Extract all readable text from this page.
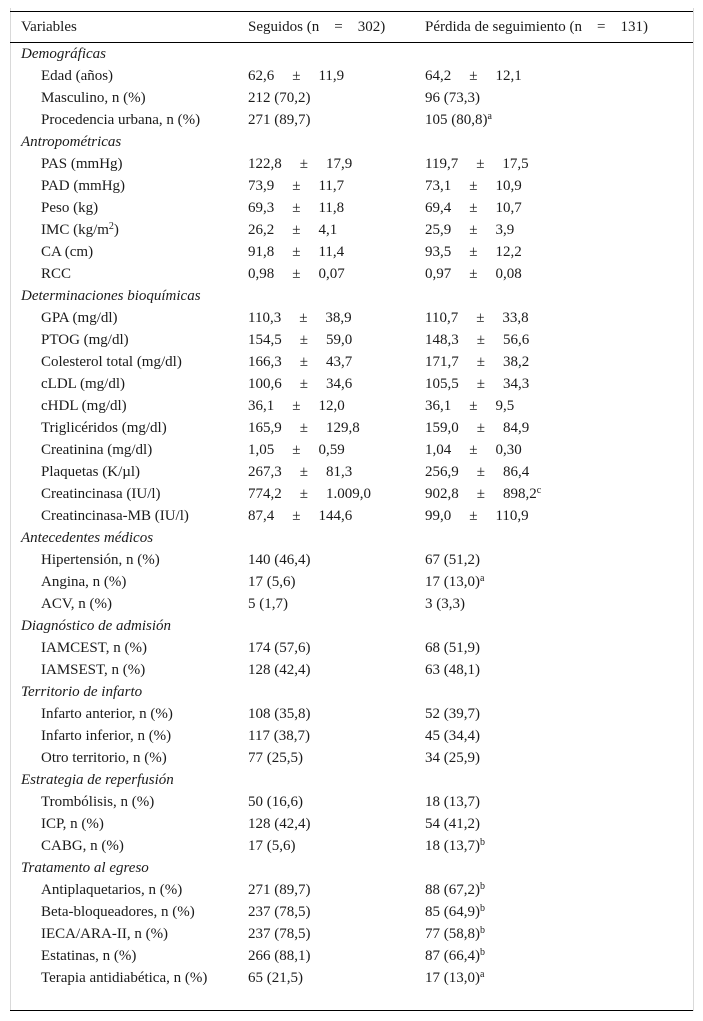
Variables	Seguidos (n     =     302)	Pérdida de seguimiento (n     =     131)

Demográficas		
Edad (años)	62,6  ±  11,9	64,2  ±  12,1
Masculino, n (%)	212 (70,2)	96 (73,3)
Procedencia urbana, n (%)	271 (89,7)	105 $(80,8)^a$
Antropométricas		
PAS (mmHg)	122,8  ±  17,9	119,7  ±  17,5
PAD (mmHg)	73,9  ±  11,7	73,1  ±  10,9
Peso (kg)	69,3  ±  11,8	69,4  ±  10,7
IMC $(kg/m^2)$	26,2  ±  4,1	25,9  ±  3,9
CA (cm)	91,8  ±  11,4	93,5  ±  12,2
RCC	0,98  ±  0,07	0,97  ±  0,08
Determinaciones bioquímicas		
GPA (mg/dl)	110,3  ±  38,9	110,7  ±  33,8
PTOG (mg/dl)	154,5  ±  59,0	148,3  ±  56,6
Colesterol total (mg/dl)	166,3  ±  43,7	171,7  ±  38,2
cLDL (mg/dl)	100,6  ±  34,6	105,5  ±  34,3
cHDL (mg/dl)	36,1  ±  12,0	36,1  ±  9,5
Triglicéridos (mg/dl)	165,9  ±  129,8	159,0  ±  84,9
Creatinina (mg/dl)	1,05  ±  0,59	1,04  ±  0,30
Plaquetas (K/µl)	267,3  ±  81,3	256,9  ±  86,4
Creatincinasa (IU/l)	774,2  ±  1.009,0	902,8  ±  898,2$^c$
Creatincinasa-MB (IU/l)	87,4  ±  144,6	99,0  ±  110,9
Antecedentes médicos		
Hipertensión, n (%)	140 (46,4)	67 (51,2)
Angina, n (%)	17 (5,6)	17 $(13,0)^a$
ACV, n (%)	5 (1,7)	3 (3,3)
Diagnóstico de admisión		
IAMCEST, n (%)	174 (57,6)	68 (51,9)
IAMSEST, n (%)	128 (42,4)	63 (48,1)
Territorio de infarto		
Infarto anterior, n (%)	108 (35,8)	52 (39,7)
Infarto inferior, n (%)	117 (38,7)	45 (34,4)
Otro territorio, n (%)	77 (25,5)	34 (25,9)
Estrategia de reperfusión		
Trombólisis, n (%)	50 (16,6)	18 (13,7)
ICP, n (%)	128 (42,4)	54 (41,2)
CABG, n (%)	17 (5,6)	18 $(13,7)^b$
Tratamento al egreso		
Antiplaquetarios, n (%)	271 (89,7)	88 $(67,2)^b$
Beta-bloqueadores, n (%)	237 (78,5)	85 $(64,9)^b$
IECA/ARA-II, n (%)	237 (78,5)	77 $(58,8)^b$
Estatinas, n (%)	266 (88,1)	87 $(66,4)^b$
Terapia antidiabética, n (%)	65 (21,5)	17 $(13,0)^a$
